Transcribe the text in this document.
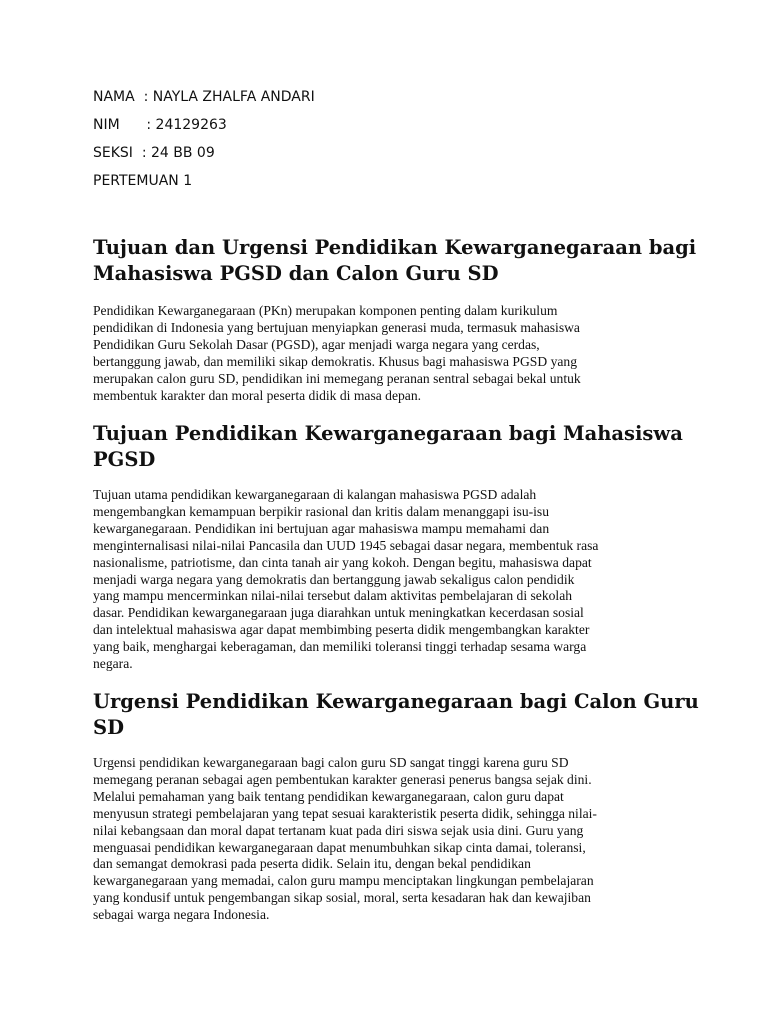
NAMA  : NAYLA ZHALFA ANDARI
NIM      : 24129263
SEKSI  : 24 BB 09
PERTEMUAN 1
Tujuan dan Urgensi Pendidikan Kewarganegaraan bagi
Mahasiswa PGSD dan Calon Guru SD
Pendidikan Kewarganegaraan (PKn) merupakan komponen penting dalam kurikulum
pendidikan di Indonesia yang bertujuan menyiapkan generasi muda, termasuk mahasiswa
Pendidikan Guru Sekolah Dasar (PGSD), agar menjadi warga negara yang cerdas,
bertanggung jawab, dan memiliki sikap demokratis. Khusus bagi mahasiswa PGSD yang
merupakan calon guru SD, pendidikan ini memegang peranan sentral sebagai bekal untuk
membentuk karakter dan moral peserta didik di masa depan.
Tujuan Pendidikan Kewarganegaraan bagi Mahasiswa
PGSD
Tujuan utama pendidikan kewarganegaraan di kalangan mahasiswa PGSD adalah
mengembangkan kemampuan berpikir rasional dan kritis dalam menanggapi isu-isu
kewarganegaraan. Pendidikan ini bertujuan agar mahasiswa mampu memahami dan
menginternalisasi nilai-nilai Pancasila dan UUD 1945 sebagai dasar negara, membentuk rasa
nasionalisme, patriotisme, dan cinta tanah air yang kokoh. Dengan begitu, mahasiswa dapat
menjadi warga negara yang demokratis dan bertanggung jawab sekaligus calon pendidik
yang mampu mencerminkan nilai-nilai tersebut dalam aktivitas pembelajaran di sekolah
dasar. Pendidikan kewarganegaraan juga diarahkan untuk meningkatkan kecerdasan sosial
dan intelektual mahasiswa agar dapat membimbing peserta didik mengembangkan karakter
yang baik, menghargai keberagaman, dan memiliki toleransi tinggi terhadap sesama warga
negara.
Urgensi Pendidikan Kewarganegaraan bagi Calon Guru
SD
Urgensi pendidikan kewarganegaraan bagi calon guru SD sangat tinggi karena guru SD
memegang peranan sebagai agen pembentukan karakter generasi penerus bangsa sejak dini.
Melalui pemahaman yang baik tentang pendidikan kewarganegaraan, calon guru dapat
menyusun strategi pembelajaran yang tepat sesuai karakteristik peserta didik, sehingga nilai-
nilai kebangsaan dan moral dapat tertanam kuat pada diri siswa sejak usia dini. Guru yang
menguasai pendidikan kewarganegaraan dapat menumbuhkan sikap cinta damai, toleransi,
dan semangat demokrasi pada peserta didik. Selain itu, dengan bekal pendidikan
kewarganegaraan yang memadai, calon guru mampu menciptakan lingkungan pembelajaran
yang kondusif untuk pengembangan sikap sosial, moral, serta kesadaran hak dan kewajiban
sebagai warga negara Indonesia.
